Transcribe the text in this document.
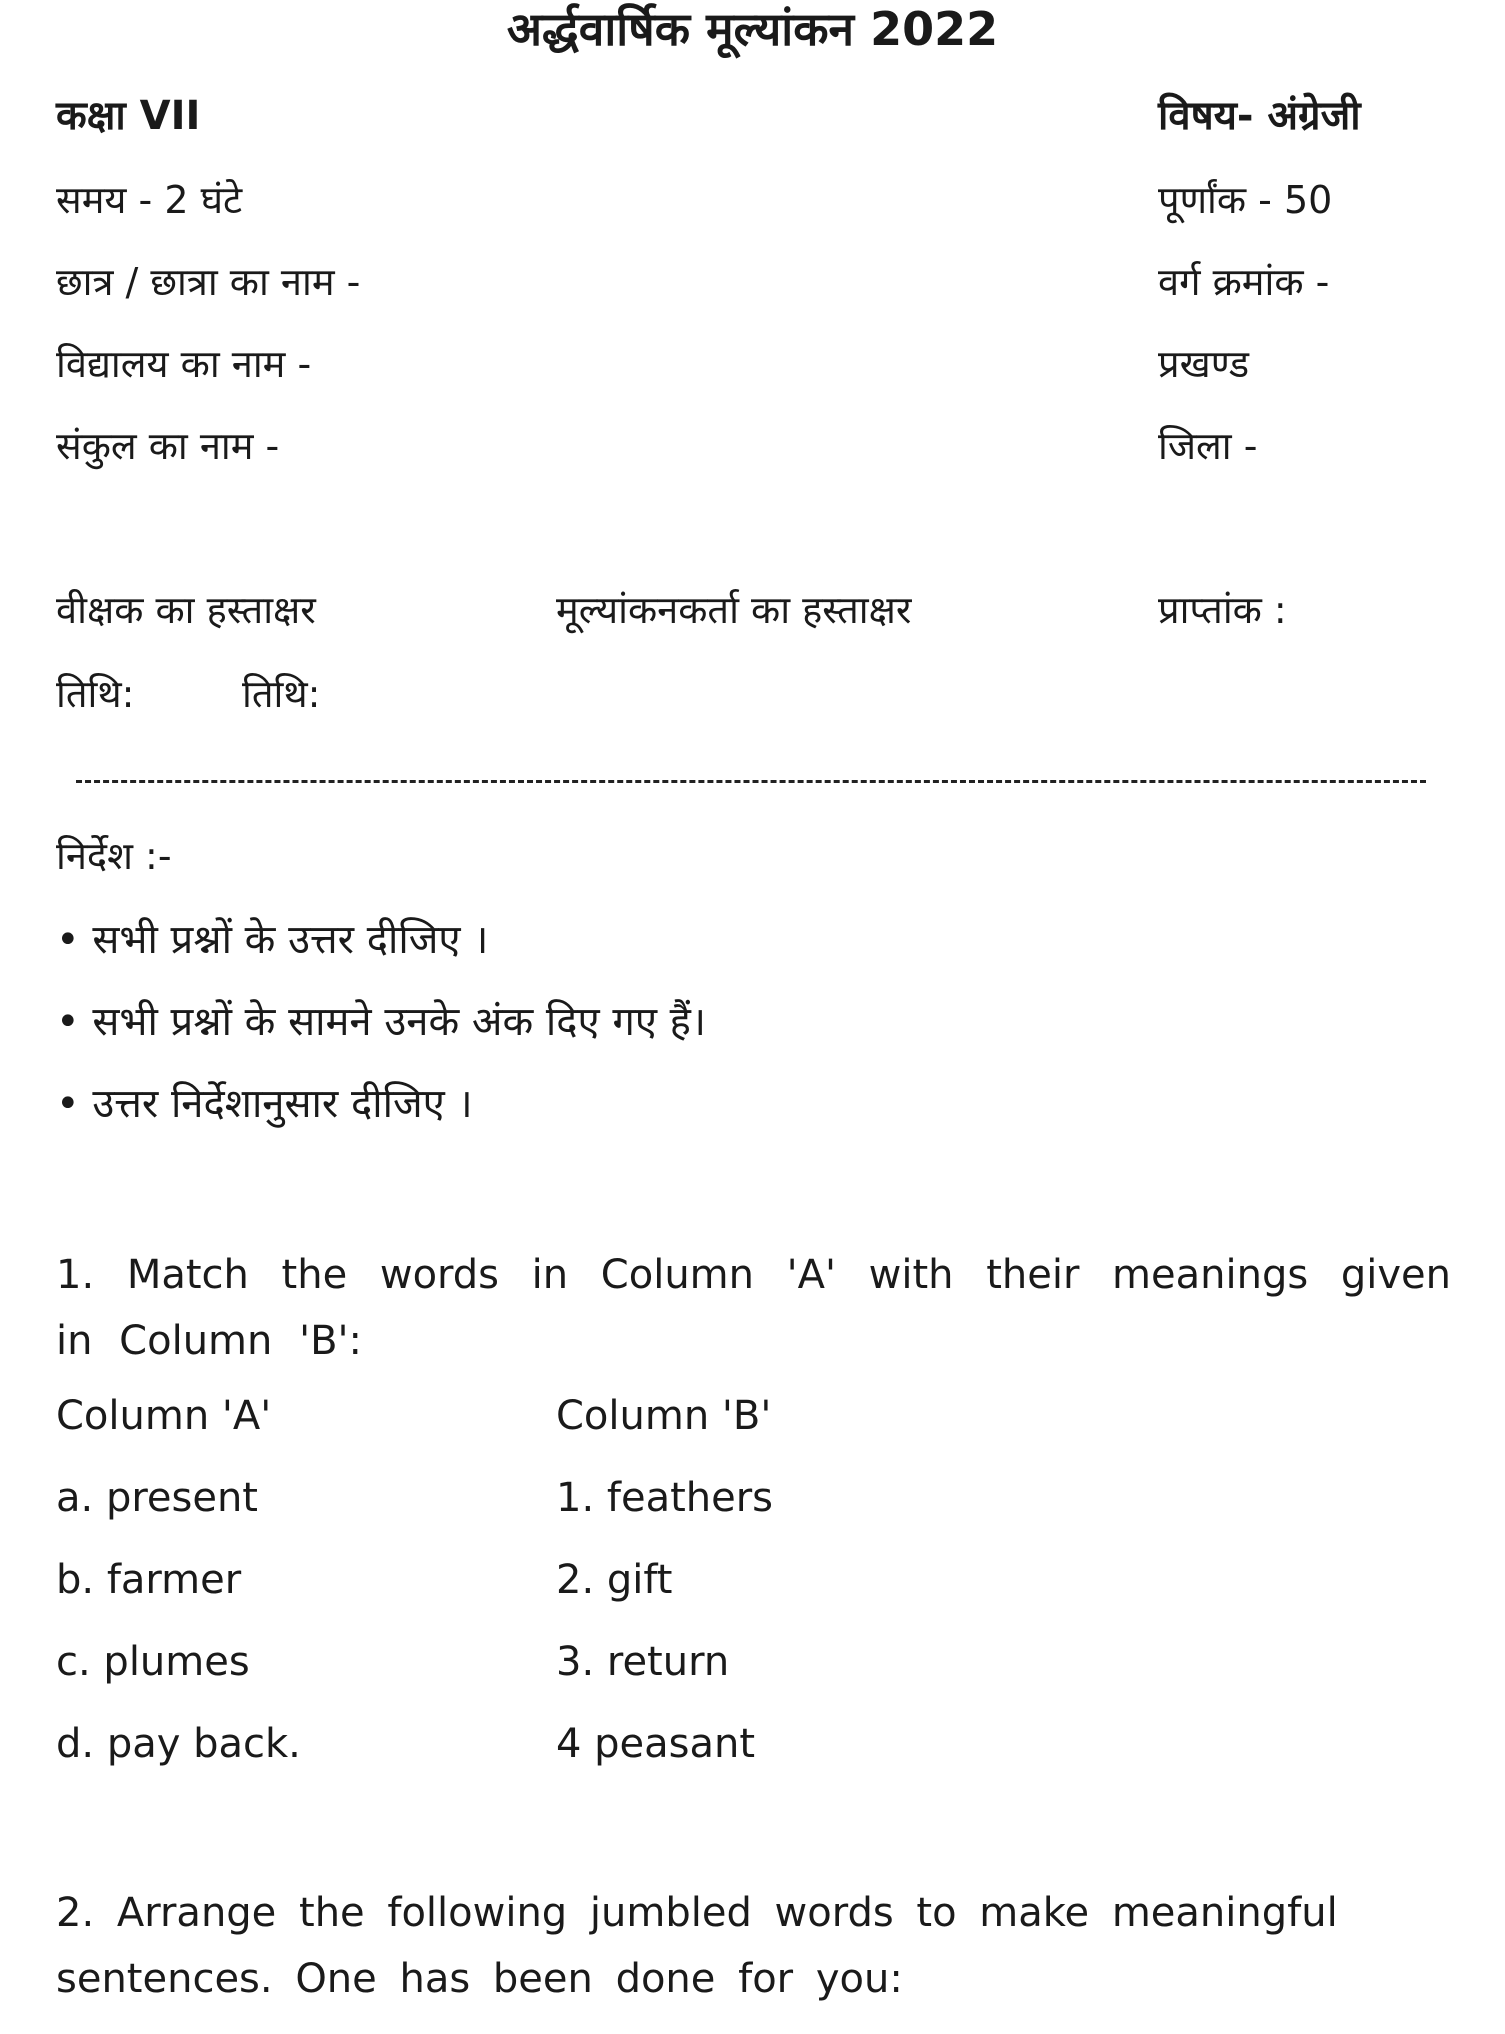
अर्द्धवार्षिक मूल्यांकन 2022
कक्षा VII	विषय- अंग्रेजी
समय - 2 घंटे	पूर्णांक - 50
छात्र / छात्रा का नाम -	वर्ग क्रमांक -
विद्यालय का नाम -	प्रखण्ड
संकुल का नाम -	जिला -
वीक्षक का हस्ताक्षर	मूल्यांकनकर्ता का हस्ताक्षर	प्राप्तांक :
तिथि:	तिथि:
निर्देश :-
• सभी प्रश्नों के उत्तर दीजिए ।
• सभी प्रश्नों के सामने उनके अंक दिए गए हैं।
• उत्तर निर्देशानुसार दीजिए ।
1. Match the words in Column 'A' with their meanings given in Column 'B':
Column 'A'	Column 'B'
a. present	1. feathers
b. farmer	2. gift
c. plumes	3. return
d. pay back.	4 peasant
2. Arrange the following jumbled words to make meaningful sentences. One has been done for you:
